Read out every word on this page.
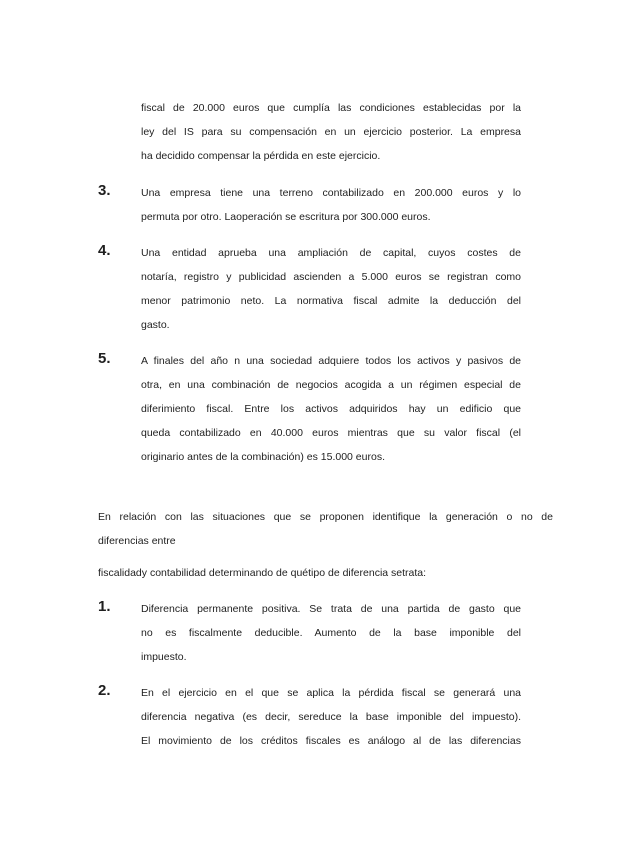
fiscal de 20.000 euros que cumplía las condiciones establecidas por la
ley del IS para su compensación en un ejercicio posterior. La empresa
ha decidido compensar la pérdida en este ejercicio.
3.	Una empresa tiene una terreno contabilizado en 200.000 euros y lo
permuta por otro. Laoperación se escritura por 300.000 euros.
4.	Una entidad aprueba una ampliación de capital, cuyos costes de
notaría, registro y publicidad ascienden a 5.000 euros se registran como
menor patrimonio neto. La normativa fiscal admite la deducción del
gasto.
5.	A finales del año n una sociedad adquiere todos los activos y pasivos de
otra, en una combinación de negocios acogida a un régimen especial de
diferimiento fiscal. Entre los activos adquiridos hay un edificio que
queda contabilizado en 40.000 euros mientras que su valor fiscal (el
originario antes de la combinación) es 15.000 euros.
En relación con las situaciones que se proponen identifique la generación o no de
diferencias entre
fiscalidady contabilidad determinando de quétipo de diferencia setrata:
1.	Diferencia permanente positiva. Se trata de una partida de gasto que
no es fiscalmente deducible. Aumento de la base imponible del
impuesto.
2.	En el ejercicio en el que se aplica la pérdida fiscal se generará una
diferencia negativa (es decir, sereduce la base imponible del impuesto).
El movimiento de los créditos fiscales es análogo al de las diferencias
